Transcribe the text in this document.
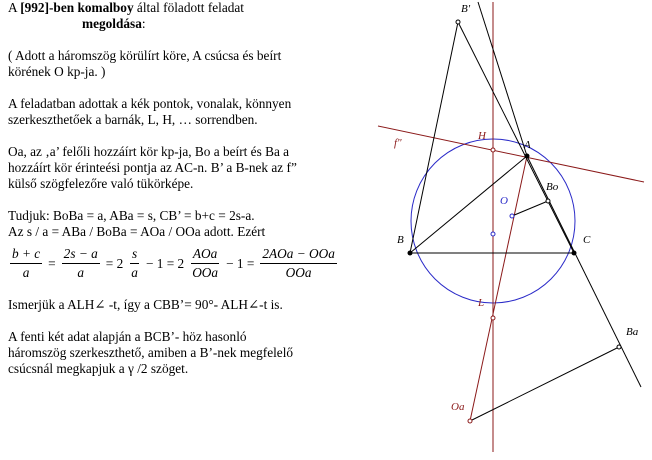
A [992]-ben komalboy által föladott feladat

megoldása:

( Adott a háromszög körülírt köre, A csúcsa és beírt

körének O kp-ja. )

A feladatban adottak a kék pontok, vonalak, könnyen

szerkeszthetőek a barnák, L, H, … sorrendben.

Oa, az ‚a’ felőli hozzáírt kör kp-ja, Bo a beírt és Ba a

hozzáírt kör érinteési pontja az AC-n. B’ a B-nek az f”

külső szögfelezőre való tükörképe.

Tudjuk: BoBa = a, ABa = s, CB’ = b+c = 2s-a.

Az s / a = ABa / BoBa = AOa / OOa adott. Ezért

$\frac{b + c}{a} = \frac{2s - a}{a} = 2 \frac{s}{a} - 1 = 2 \frac{\text{AOa}}{\text{OOa}} - 1 = \frac{\text{2AOa − OOa}}{\text{OOa}}$

Ismerjük a ALH∠ -t, így a CBB’= 90°- ALH∠-t is.

A fenti két adat alapján a BCB’- höz hasonló

háromszög szerkeszthető, amiben a B’-nek megfelelő

csúcsnál megkapjuk a γ /2 szöget.

B'
f"
H
A
Bo
O
B	C
L
Ba
Oa
